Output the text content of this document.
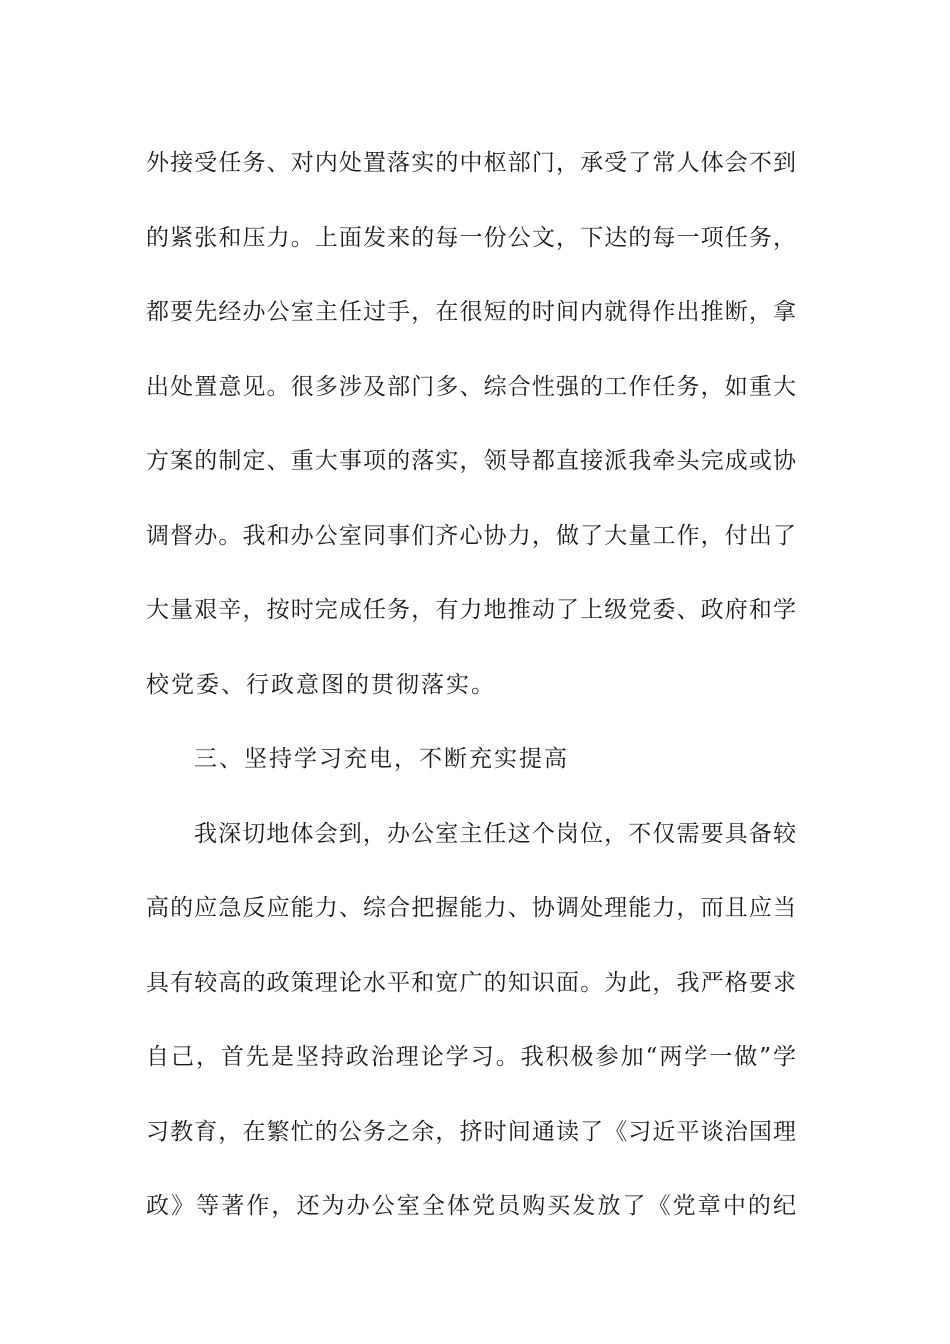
外接受任务、对内处置落实的中枢部门，承受了常人体会不到
的紧张和压力。上面发来的每一份公文，下达的每一项任务，
都要先经办公室主任过手，在很短的时间内就得作出推断，拿
出处置意见。很多涉及部门多、综合性强的工作任务，如重大
方案的制定、重大事项的落实，领导都直接派我牵头完成或协
调督办。我和办公室同事们齐心协力，做了大量工作，付出了
大量艰辛，按时完成任务，有力地推动了上级党委、政府和学
校党委、行政意图的贯彻落实。
三、坚持学习充电，不断充实提高
我深切地体会到，办公室主任这个岗位，不仅需要具备较
高的应急反应能力、综合把握能力、协调处理能力，而且应当
具有较高的政策理论水平和宽广的知识面。为此，我严格要求
自己，首先是坚持政治理论学习。我积极参加“两学一做”学
习教育，在繁忙的公务之余，挤时间通读了《习近平谈治国理
政》等著作，还为办公室全体党员购买发放了《党章中的纪
